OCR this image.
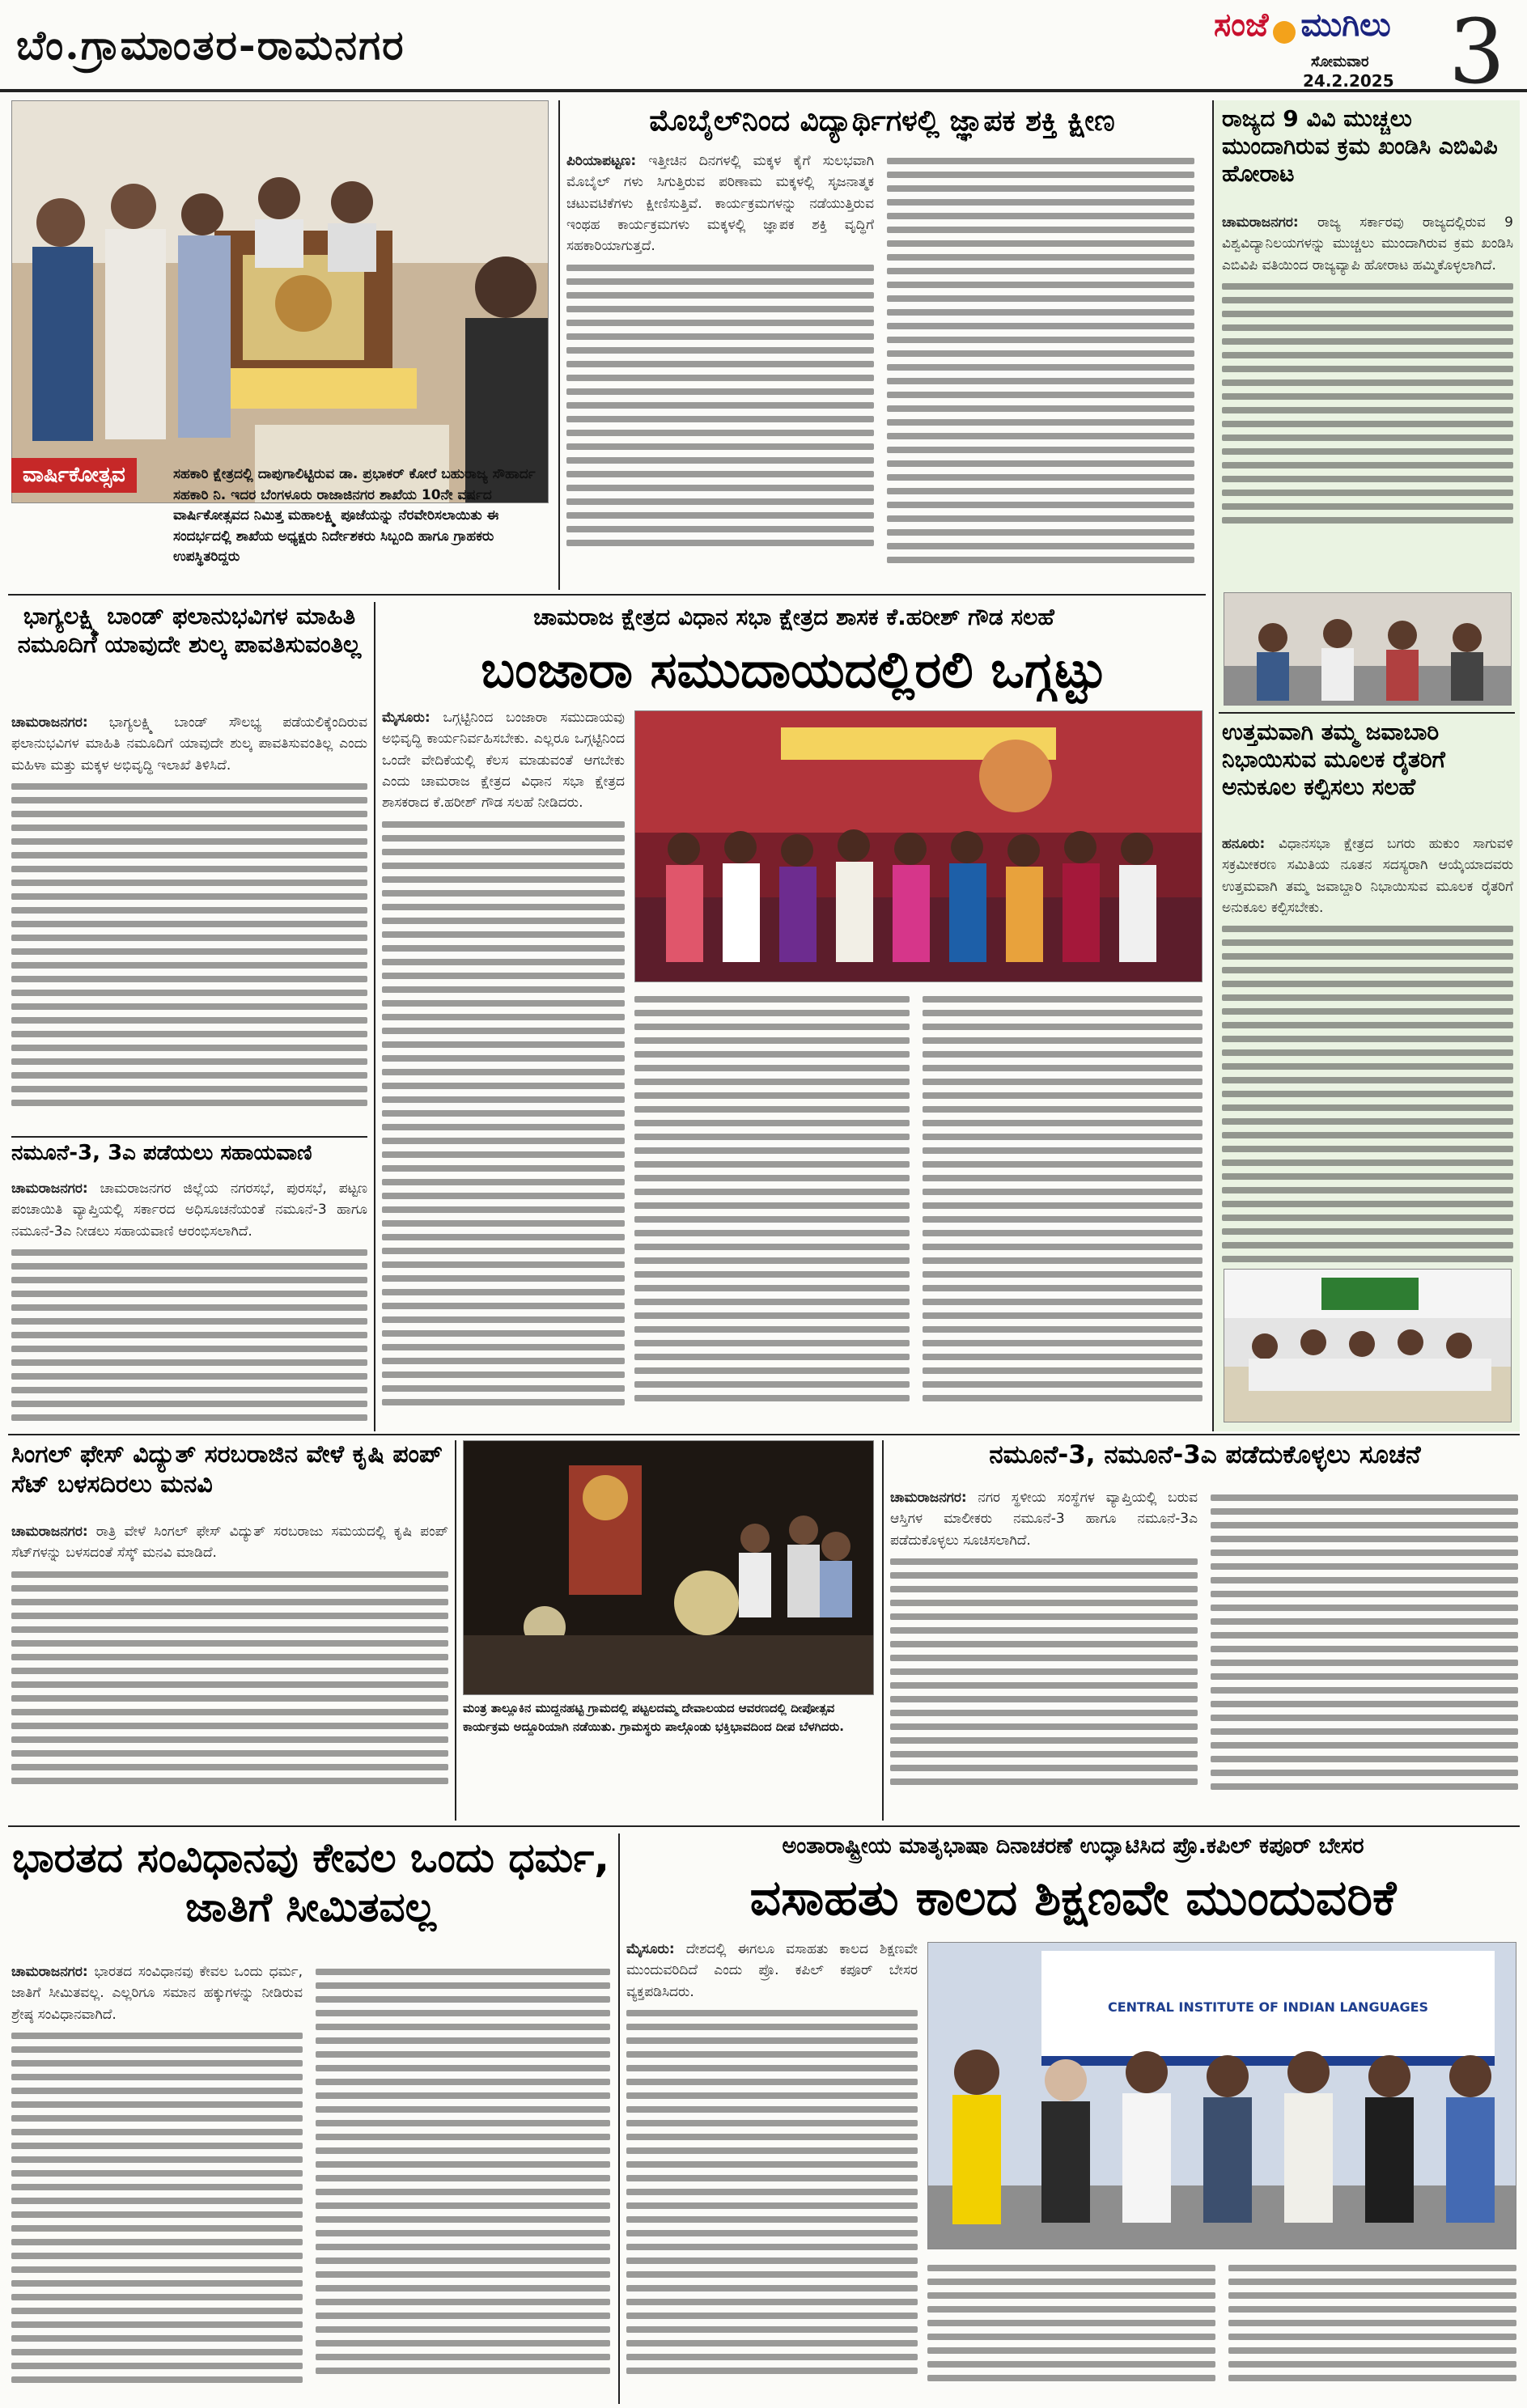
ಬೆಂ.ಗ್ರಾಮಾಂತರ-ರಾಮನಗರ	ಸಂಜೆ ಮುಗಿಲು
ಸೋಮವಾರ
24.2.2025 3
ವಾರ್ಷಿಕೋತ್ಸವ	ಸಹಕಾರಿ ಕ್ಷೇತ್ರದಲ್ಲಿ ದಾಪುಗಾಲಿಟ್ಟಿರುವ ಡಾ. ಪ್ರಭಾಕರ್ ಕೋರೆ ಬಹುರಾಜ್ಯ ಸೌಹಾರ್ದ ಸಹಕಾರಿ ನಿ. ಇದರ ಬೆಂಗಳೂರು ರಾಜಾಜಿನಗರ ಶಾಖೆಯ 10ನೇ ವರ್ಷದ ವಾರ್ಷಿಕೋತ್ಸವದ ನಿಮಿತ್ತ ಮಹಾಲಕ್ಷ್ಮಿ ಪೂಜೆಯನ್ನು ನೆರವೇರಿಸಲಾಯಿತು ಈ ಸಂದರ್ಭದಲ್ಲಿ ಶಾಖೆಯ ಅಧ್ಯಕ್ಷರು ನಿರ್ದೇಶಕರು ಸಿಬ್ಬಂದಿ ಹಾಗೂ ಗ್ರಾಹಕರು ಉಪಸ್ಥಿತರಿದ್ದರು
ಮೊಬೈಲ್‌ನಿಂದ ವಿದ್ಯಾರ್ಥಿಗಳಲ್ಲಿ ಜ್ಞಾಪಕ ಶಕ್ತಿ ಕ್ಷೀಣ
ಪಿರಿಯಾಪಟ್ಟಣ: ಇತ್ತೀಚಿನ ದಿನಗಳಲ್ಲಿ ಮಕ್ಕಳ ಕೈಗೆ ಸುಲಭವಾಗಿ ಮೊಬೈಲ್ ಗಳು ಸಿಗುತ್ತಿರುವ ಪರಿಣಾಮ ಮಕ್ಕಳಲ್ಲಿ ಸೃಜನಾತ್ಮಕ ಚಟುವಟಿಕೆಗಳು ಕ್ಷೀಣಿಸುತ್ತಿವೆ. ಕಾರ್ಯಕ್ರಮಗಳನ್ನು ನಡೆಯುತ್ತಿರುವ ಇಂಥಹ ಕಾರ್ಯಕ್ರಮಗಳು ಮಕ್ಕಳಲ್ಲಿ ಜ್ಞಾಪಕ ಶಕ್ತಿ ವೃದ್ಧಿಗೆ ಸಹಕಾರಿಯಾಗುತ್ತದೆ.
ರಾಜ್ಯದ 9 ವಿವಿ ಮುಚ್ಚಲು ಮುಂದಾಗಿರುವ ಕ್ರಮ ಖಂಡಿಸಿ ಎಬಿವಿಪಿ ಹೋರಾಟ
ಚಾಮರಾಜನಗರ: ರಾಜ್ಯ ಸರ್ಕಾರವು ರಾಜ್ಯದಲ್ಲಿರುವ 9 ವಿಶ್ವವಿದ್ಯಾನಿಲಯಗಳನ್ನು ಮುಚ್ಚಲು ಮುಂದಾಗಿರುವ ಕ್ರಮ ಖಂಡಿಸಿ ಎಬಿವಿಪಿ ವತಿಯಿಂದ ರಾಜ್ಯವ್ಯಾಪಿ ಹೋರಾಟ ಹಮ್ಮಿಕೊಳ್ಳಲಾಗಿದೆ.
ಉತ್ತಮವಾಗಿ ತಮ್ಮ ಜವಾಬಾರಿ ನಿಭಾಯಿಸುವ ಮೂಲಕ ರೈತರಿಗೆ ಅನುಕೂಲ ಕಲ್ಪಿಸಲು ಸಲಹೆ
ಹನೂರು: ವಿಧಾನಸಭಾ ಕ್ಷೇತ್ರದ ಬಗರು ಹುಕುಂ ಸಾಗುವಳಿ ಸಕ್ರಮೀಕರಣ ಸಮಿತಿಯ ನೂತನ ಸದಸ್ಯರಾಗಿ ಆಯ್ಕೆಯಾದವರು ಉತ್ತಮವಾಗಿ ತಮ್ಮ ಜವಾಬ್ದಾರಿ ನಿಭಾಯಿಸುವ ಮೂಲಕ ರೈತರಿಗೆ ಅನುಕೂಲ ಕಲ್ಪಿಸಬೇಕು.
ಭಾಗ್ಯಲಕ್ಷ್ಮಿ ಬಾಂಡ್ ಫಲಾನುಭವಿಗಳ ಮಾಹಿತಿ ನಮೂದಿಗೆ ಯಾವುದೇ ಶುಲ್ಕ ಪಾವತಿಸುವಂತಿಲ್ಲ
ಚಾಮರಾಜನಗರ: ಭಾಗ್ಯಲಕ್ಷ್ಮಿ ಬಾಂಡ್ ಸೌಲಭ್ಯ ಪಡೆಯಲಿಕ್ಕೆಂದಿರುವ ಫಲಾನುಭವಿಗಳ ಮಾಹಿತಿ ನಮೂದಿಗೆ ಯಾವುದೇ ಶುಲ್ಕ ಪಾವತಿಸುವಂತಿಲ್ಲ ಎಂದು ಮಹಿಳಾ ಮತ್ತು ಮಕ್ಕಳ ಅಭಿವೃದ್ಧಿ ಇಲಾಖೆ ತಿಳಿಸಿದೆ.
ನಮೂನೆ-3, 3ಎ ಪಡೆಯಲು ಸಹಾಯವಾಣಿ
ಚಾಮರಾಜನಗರ: ಚಾಮರಾಜನಗರ ಜಿಲ್ಲೆಯ ನಗರಸಭೆ, ಪುರಸಭೆ, ಪಟ್ಟಣ ಪಂಚಾಯಿತಿ ವ್ಯಾಪ್ತಿಯಲ್ಲಿ ಸರ್ಕಾರದ ಅಧಿಸೂಚನೆಯಂತೆ ನಮೂನೆ-3 ಹಾಗೂ ನಮೂನೆ-3ಎ ನೀಡಲು ಸಹಾಯವಾಣಿ ಆರಂಭಿಸಲಾಗಿದೆ.
ಚಾಮರಾಜ ಕ್ಷೇತ್ರದ ವಿಧಾನ ಸಭಾ ಕ್ಷೇತ್ರದ ಶಾಸಕ ಕೆ.ಹರೀಶ್ ಗೌಡ ಸಲಹೆ
ಬಂಜಾರಾ ಸಮುದಾಯದಲ್ಲಿರಲಿ ಒಗ್ಗಟ್ಟು
ಮೈಸೂರು: ಒಗ್ಗಟ್ಟಿನಿಂದ ಬಂಜಾರಾ ಸಮುದಾಯವು ಅಭಿವೃದ್ಧಿ ಕಾರ್ಯನಿರ್ವಹಿಸಬೇಕು. ಎಲ್ಲರೂ ಒಗ್ಗಟ್ಟಿನಿಂದ ಒಂದೇ ವೇದಿಕೆಯಲ್ಲಿ ಕೆಲಸ ಮಾಡುವಂತೆ ಆಗಬೇಕು ಎಂದು ಚಾಮರಾಜ ಕ್ಷೇತ್ರದ ವಿಧಾನ ಸಭಾ ಕ್ಷೇತ್ರದ ಶಾಸಕರಾದ ಕೆ.ಹರೀಶ್ ಗೌಡ ಸಲಹೆ ನೀಡಿದರು.
ಸಿಂಗಲ್ ಫೇಸ್ ವಿದ್ಯುತ್ ಸರಬರಾಜಿನ ವೇಳೆ ಕೃಷಿ ಪಂಪ್ ಸೆಟ್ ಬಳಸದಿರಲು ಮನವಿ
ಚಾಮರಾಜನಗರ: ರಾತ್ರಿ ವೇಳೆ ಸಿಂಗಲ್ ಫೇಸ್ ವಿದ್ಯುತ್ ಸರಬರಾಜು ಸಮಯದಲ್ಲಿ ಕೃಷಿ ಪಂಪ್ ಸೆಟ್‌ಗಳನ್ನು ಬಳಸದಂತೆ ಸೆಸ್ಕ್ ಮನವಿ ಮಾಡಿದೆ.
ಮಂತ್ರ ತಾಲ್ಲೂಕಿನ ಮುದ್ದನಹಟ್ಟಿ ಗ್ರಾಮದಲ್ಲಿ ಪಟ್ಟಲದಮ್ಮ ದೇವಾಲಯದ ಆವರಣದಲ್ಲಿ ದೀಪೋತ್ಸವ ಕಾರ್ಯಕ್ರಮ ಅದ್ದೂರಿಯಾಗಿ ನಡೆಯಿತು. ಗ್ರಾಮಸ್ಥರು ಪಾಲ್ಗೊಂಡು ಭಕ್ತಿಭಾವದಿಂದ ದೀಪ ಬೆಳಗಿದರು.
ನಮೂನೆ-3, ನಮೂನೆ-3ಎ ಪಡೆದುಕೊಳ್ಳಲು ಸೂಚನೆ
ಚಾಮರಾಜನಗರ: ನಗರ ಸ್ಥಳೀಯ ಸಂಸ್ಥೆಗಳ ವ್ಯಾಪ್ತಿಯಲ್ಲಿ ಬರುವ ಆಸ್ತಿಗಳ ಮಾಲೀಕರು ನಮೂನೆ-3 ಹಾಗೂ ನಮೂನೆ-3ಎ ಪಡೆದುಕೊಳ್ಳಲು ಸೂಚಿಸಲಾಗಿದೆ.
ಭಾರತದ ಸಂವಿಧಾನವು ಕೇವಲ ಒಂದು ಧರ್ಮ, ಜಾತಿಗೆ ಸೀಮಿತವಲ್ಲ
ಚಾಮರಾಜನಗರ: ಭಾರತದ ಸಂವಿಧಾನವು ಕೇವಲ ಒಂದು ಧರ್ಮ, ಜಾತಿಗೆ ಸೀಮಿತವಲ್ಲ. ಎಲ್ಲರಿಗೂ ಸಮಾನ ಹಕ್ಕುಗಳನ್ನು ನೀಡಿರುವ ಶ್ರೇಷ್ಠ ಸಂವಿಧಾನವಾಗಿದೆ.
ಅಂತಾರಾಷ್ಟ್ರೀಯ ಮಾತೃಭಾಷಾ ದಿನಾಚರಣೆ ಉದ್ಘಾಟಿಸಿದ ಪ್ರೊ.ಕಪಿಲ್ ಕಪೂರ್ ಬೇಸರ
ವಸಾಹತು ಕಾಲದ ಶಿಕ್ಷಣವೇ ಮುಂದುವರಿಕೆ
ಮೈಸೂರು: ದೇಶದಲ್ಲಿ ಈಗಲೂ ವಸಾಹತು ಕಾಲದ ಶಿಕ್ಷಣವೇ ಮುಂದುವರಿದಿದೆ ಎಂದು ಪ್ರೊ. ಕಪಿಲ್ ಕಪೂರ್ ಬೇಸರ ವ್ಯಕ್ತಪಡಿಸಿದರು.
CENTRAL INSTITUTE OF INDIAN LANGUAGES
